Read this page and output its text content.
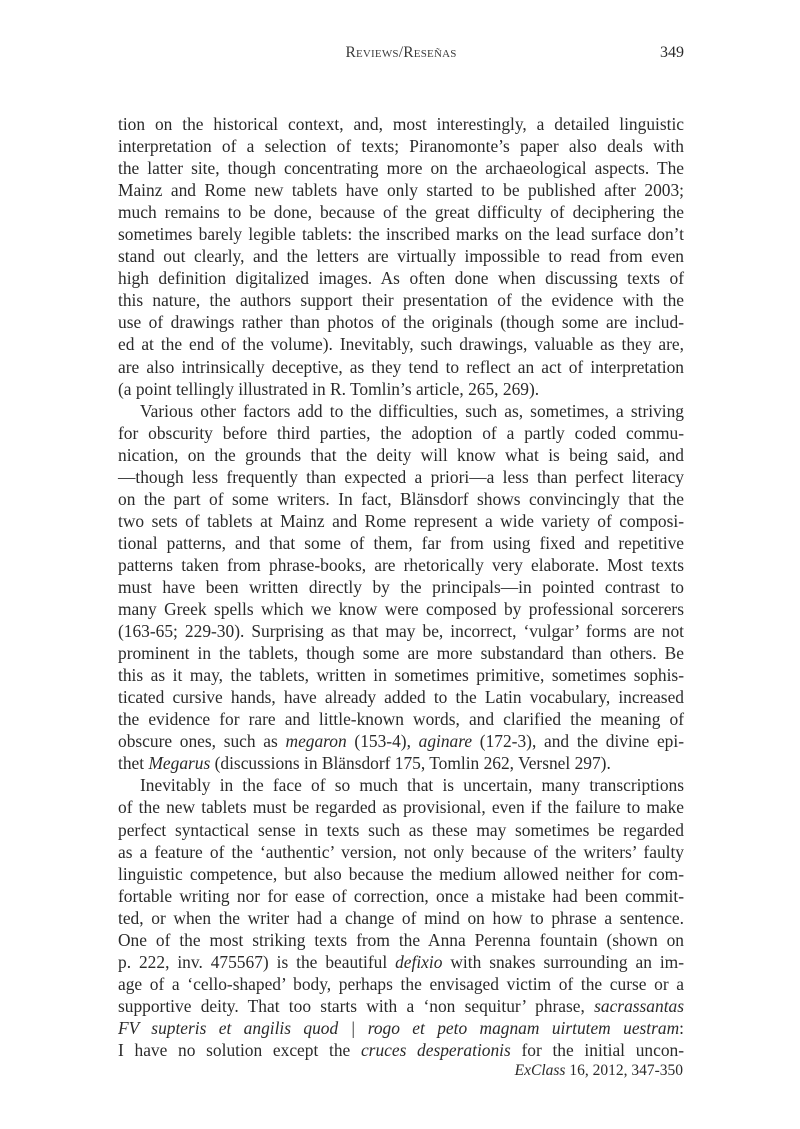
Reviews/Reseñas	349
tion on the historical context, and, most interestingly, a detailed linguistic
interpretation of a selection of texts; Piranomonte’s paper also deals with
the latter site, though concentrating more on the archaeological aspects. The
Mainz and Rome new tablets have only started to be published after 2003;
much remains to be done, because of the great difficulty of deciphering the
sometimes barely legible tablets: the inscribed marks on the lead surface don’t
stand out clearly, and the letters are virtually impossible to read from even
high definition digitalized images. As often done when discussing texts of
this nature, the authors support their presentation of the evidence with the
use of drawings rather than photos of the originals (though some are includ-
ed at the end of the volume). Inevitably, such drawings, valuable as they are,
are also intrinsically deceptive, as they tend to reflect an act of interpretation
(a point tellingly illustrated in R. Tomlin’s article, 265, 269).
Various other factors add to the difficulties, such as, sometimes, a striving
for obscurity before third parties, the adoption of a partly coded commu-
nication, on the grounds that the deity will know what is being said, and
—though less frequently than expected a priori—a less than perfect literacy
on the part of some writers. In fact, Blänsdorf shows convincingly that the
two sets of tablets at Mainz and Rome represent a wide variety of composi-
tional patterns, and that some of them, far from using fixed and repetitive
patterns taken from phrase-books, are rhetorically very elaborate. Most texts
must have been written directly by the principals—in pointed contrast to
many Greek spells which we know were composed by professional sorcerers
(163-65; 229-30). Surprising as that may be, incorrect, ‘vulgar’ forms are not
prominent in the tablets, though some are more substandard than others. Be
this as it may, the tablets, written in sometimes primitive, sometimes sophis-
ticated cursive hands, have already added to the Latin vocabulary, increased
the evidence for rare and little-known words, and clarified the meaning of
obscure ones, such as megaron (153-4), aginare (172-3), and the divine epi-
thet Megarus (discussions in Blänsdorf 175, Tomlin 262, Versnel 297).
Inevitably in the face of so much that is uncertain, many transcriptions
of the new tablets must be regarded as provisional, even if the failure to make
perfect syntactical sense in texts such as these may sometimes be regarded
as a feature of the ‘authentic’ version, not only because of the writers’ faulty
linguistic competence, but also because the medium allowed neither for com-
fortable writing nor for ease of correction, once a mistake had been commit-
ted, or when the writer had a change of mind on how to phrase a sentence.
One of the most striking texts from the Anna Perenna fountain (shown on
p. 222, inv. 475567) is the beautiful defixio with snakes surrounding an im-
age of a ‘cello-shaped’ body, perhaps the envisaged victim of the curse or a
supportive deity. That too starts with a ‘non sequitur’ phrase, sacrassantas
FV supteris et angilis quod | rogo et peto magnam uirtutem uestram:
I have no solution except the cruces desperationis for the initial uncon-
ExClass 16, 2012, 347-350
